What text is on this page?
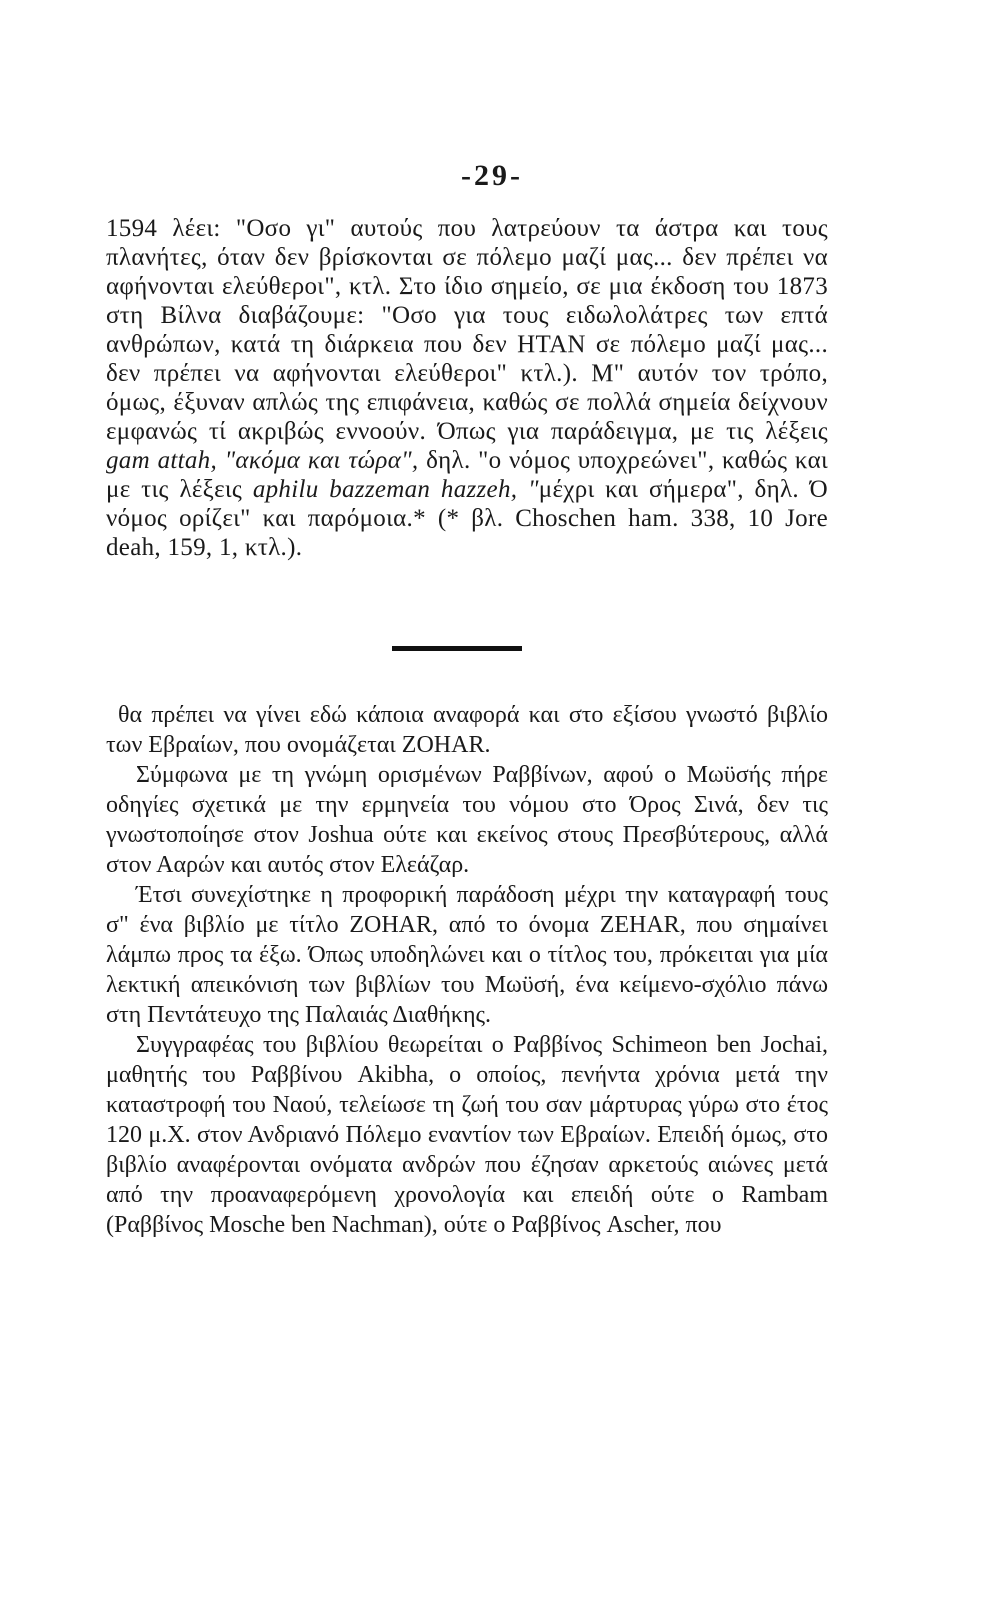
-29-

1594 λέει: "Οσο γι" αυτούς που λατρεύουν τα άστρα και τους πλανήτες, όταν δεν βρίσκονται σε πόλεμο μαζί μας... δεν πρέπει να αφήνονται ελεύθεροι", κτλ. Στο ίδιο σημείο, σε μια έκδοση του 1873 στη Βίλνα διαβάζουμε: "Οσο για τους ειδωλολάτρες των επτά ανθρώπων, κατά τη διάρκεια που δεν ΗΤΑΝ σε πόλεμο μαζί μας... δεν πρέπει να αφήνονται ελεύθεροι" κτλ.). Μ" αυτόν τον τρόπο, όμως, έξυναν απλώς της επιφάνεια, καθώς σε πολλά σημεία δείχνουν εμφανώς τί ακριβώς εννοούν. Όπως για παράδειγμα, με τις λέξεις gam attah, "ακόμα και τώρα", δηλ. "ο νόμος υποχρεώνει", καθώς και με τις λέξεις aphilu bazzeman hazzeh, "μέχρι και σήμερα", δηλ. Ό νόμος ορίζει" και παρόμοια.* (* βλ. Choschen ham. 338, 10 Jore deah, 159, 1, κτλ.).

θα πρέπει να γίνει εδώ κάποια αναφορά και στο εξίσου γνωστό βιβλίο των Εβραίων, που ονομάζεται ZOHAR.

Σύμφωνα με τη γνώμη ορισμένων Ραββίνων, αφού ο Μωϋσής πήρε οδηγίες σχετικά με την ερμηνεία του νόμου στο Όρος Σινά, δεν τις γνωστοποίησε στον Joshua ούτε και εκείνος στους Πρεσβύτερους, αλλά στον Ααρών και αυτός στον Ελεάζαρ.

Έτσι συνεχίστηκε η προφορική παράδοση μέχρι την καταγραφή τους σ" ένα βιβλίο με τίτλο ZOHAR, από το όνομα ZEHAR, που σημαίνει λάμπω προς τα έξω. Όπως υποδηλώνει και ο τίτλος του, πρόκειται για μία λεκτική απεικόνιση των βιβλίων του Μωϋσή, ένα κείμενο-σχόλιο πάνω στη Πεντάτευχο της Παλαιάς Διαθήκης.

Συγγραφέας του βιβλίου θεωρείται ο Ραββίνος Schimeon ben Jochai, μαθητής του Ραββίνου Akibha, ο οποίος, πενήντα χρόνια μετά την καταστροφή του Ναού, τελείωσε τη ζωή του σαν μάρτυρας γύρω στο έτος 120 μ.Χ. στον Ανδριανό Πόλεμο εναντίον των Εβραίων. Επειδή όμως, στο βιβλίο αναφέρονται ονόματα ανδρών που έζησαν αρκετούς αιώνες μετά από την προαναφερόμενη χρονολογία και επειδή ούτε ο Rambam (Ραββίνος Mosche ben Nachman), ούτε ο Ραββίνος Ascher, που
